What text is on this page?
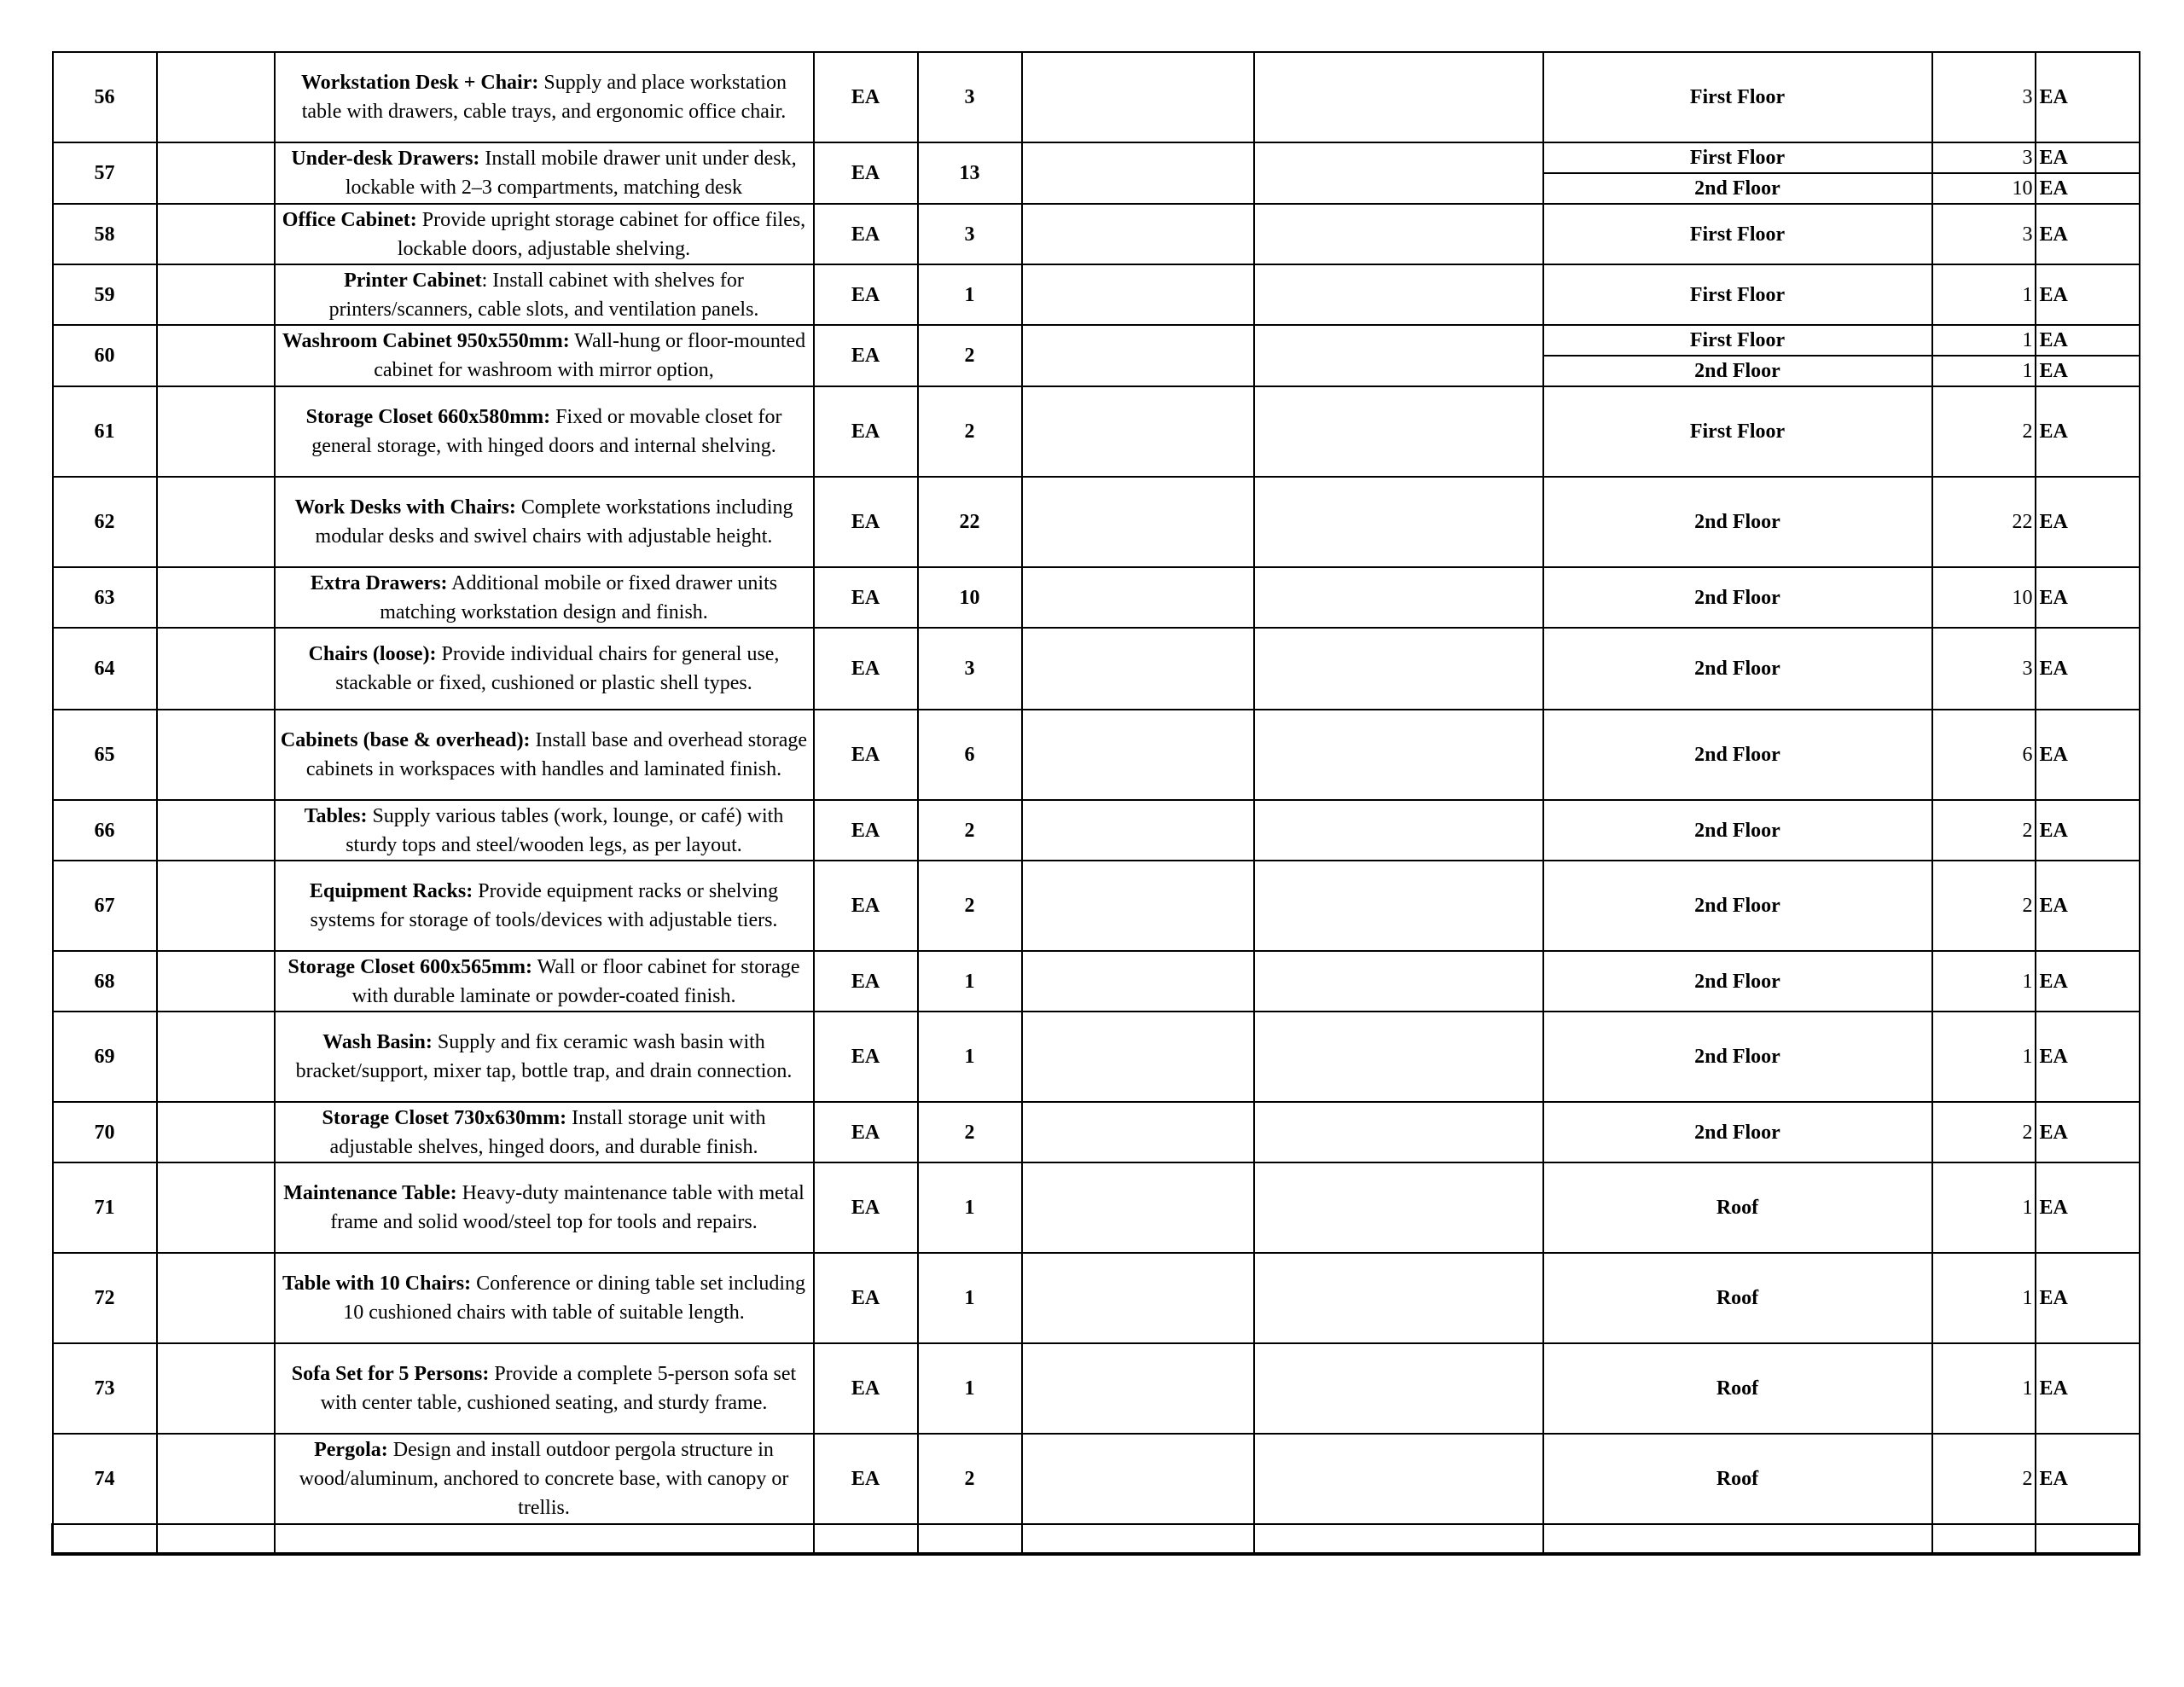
56		Workstation Desk + Chair: Supply and place workstation table with drawers, cable trays, and ergonomic office chair.	EA	3			First Floor	3	EA
57		Under-desk Drawers: Install mobile drawer unit under desk, lockable with 2–3 compartments, matching desk	EA	13			First Floor	3	EA
							2nd Floor	10	EA
58		Office Cabinet: Provide upright storage cabinet for office files, lockable doors, adjustable shelving.	EA	3			First Floor	3	EA
59		Printer Cabinet: Install cabinet with shelves for printers/scanners, cable slots, and ventilation panels.	EA	1			First Floor	1	EA
60		Washroom Cabinet 950x550mm: Wall-hung or floor-mounted cabinet for washroom with mirror option,	EA	2			First Floor	1	EA
							2nd Floor	1	EA
61		Storage Closet 660x580mm: Fixed or movable closet for general storage, with hinged doors and internal shelving.	EA	2			First Floor	2	EA
62		Work Desks with Chairs: Complete workstations including modular desks and swivel chairs with adjustable height.	EA	22			2nd Floor	22	EA
63		Extra Drawers: Additional mobile or fixed drawer units matching workstation design and finish.	EA	10			2nd Floor	10	EA
64		Chairs (loose): Provide individual chairs for general use, stackable or fixed, cushioned or plastic shell types.	EA	3			2nd Floor	3	EA
65		Cabinets (base & overhead): Install base and overhead storage cabinets in workspaces with handles and laminated finish.	EA	6			2nd Floor	6	EA
66		Tables: Supply various tables (work, lounge, or café) with sturdy tops and steel/wooden legs, as per layout.	EA	2			2nd Floor	2	EA
67		Equipment Racks: Provide equipment racks or shelving systems for storage of tools/devices with adjustable tiers.	EA	2			2nd Floor	2	EA
68		Storage Closet 600x565mm: Wall or floor cabinet for storage with durable laminate or powder-coated finish.	EA	1			2nd Floor	1	EA
69		Wash Basin: Supply and fix ceramic wash basin with bracket/support, mixer tap, bottle trap, and drain connection.	EA	1			2nd Floor	1	EA
70		Storage Closet 730x630mm: Install storage unit with adjustable shelves, hinged doors, and durable finish.	EA	2			2nd Floor	2	EA
71		Maintenance Table: Heavy-duty maintenance table with metal frame and solid wood/steel top for tools and repairs.	EA	1			Roof	1	EA
72		Table with 10 Chairs: Conference or dining table set including 10 cushioned chairs with table of suitable length.	EA	1			Roof	1	EA
73		Sofa Set for 5 Persons: Provide a complete 5-person sofa set with center table, cushioned seating, and sturdy frame.	EA	1			Roof	1	EA
74		Pergola: Design and install outdoor pergola structure in wood/aluminum, anchored to concrete base, with canopy or trellis.	EA	2			Roof	2	EA
